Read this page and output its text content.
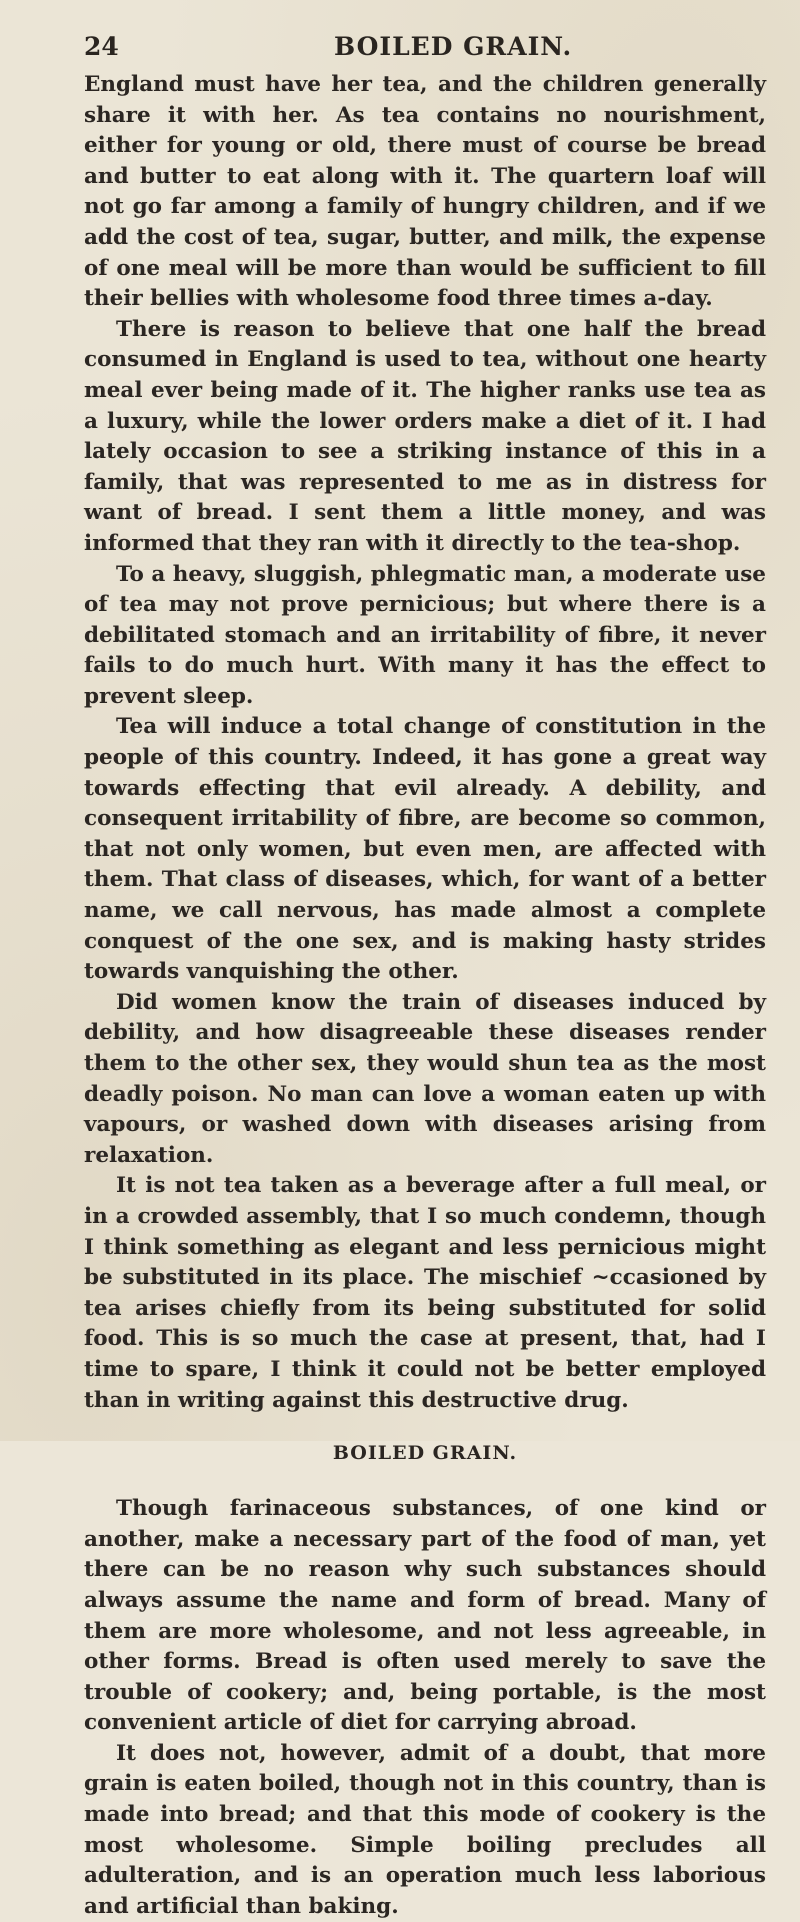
24	BOILED GRAIN.

England must have her tea, and the children generally share it with her. As tea contains no nourishment, either for young or old, there must of course be bread and butter to eat along with it. The quartern loaf will not go far among a family of hungry children, and if we add the cost of tea, sugar, butter, and milk, the expense of one meal will be more than would be sufficient to fill their bellies with wholesome food three times a-day.

There is reason to believe that one half the bread consumed in England is used to tea, without one hearty meal ever being made of it. The higher ranks use tea as a luxury, while the lower orders make a diet of it. I had lately occasion to see a striking instance of this in a family, that was represented to me as in distress for want of bread. I sent them a little money, and was informed that they ran with it directly to the tea-shop.

To a heavy, sluggish, phlegmatic man, a moderate use of tea may not prove pernicious; but where there is a debilitated stomach and an irritability of fibre, it never fails to do much hurt. With many it has the effect to prevent sleep.

Tea will induce a total change of constitution in the people of this country. Indeed, it has gone a great way towards effecting that evil already. A debility, and consequent irritability of fibre, are become so common, that not only women, but even men, are affected with them. That class of diseases, which, for want of a better name, we call nervous, has made almost a complete conquest of the one sex, and is making hasty strides towards vanquishing the other.

Did women know the train of diseases induced by debility, and how disagreeable these diseases render them to the other sex, they would shun tea as the most deadly poison. No man can love a woman eaten up with vapours, or washed down with diseases arising from relaxation.

It is not tea taken as a beverage after a full meal, or in a crowded assembly, that I so much condemn, though I think something as elegant and less pernicious might be substituted in its place. The mischief ~ccasioned by tea arises chiefly from its being substituted for solid food. This is so much the case at present, that, had I time to spare, I think it could not be better employed than in writing against this destructive drug.

BOILED GRAIN.

Though farinaceous substances, of one kind or another, make a necessary part of the food of man, yet there can be no reason why such substances should always assume the name and form of bread. Many of them are more wholesome, and not less agreeable, in other forms. Bread is often used merely to save the trouble of cookery; and, being portable, is the most convenient article of diet for carrying abroad.

It does not, however, admit of a doubt, that more grain is eaten boiled, though not in this country, than is made into bread; and that this mode of cookery is the most wholesome. Simple boiling precludes all adulteration, and is an operation much less laborious and artificial than baking.
